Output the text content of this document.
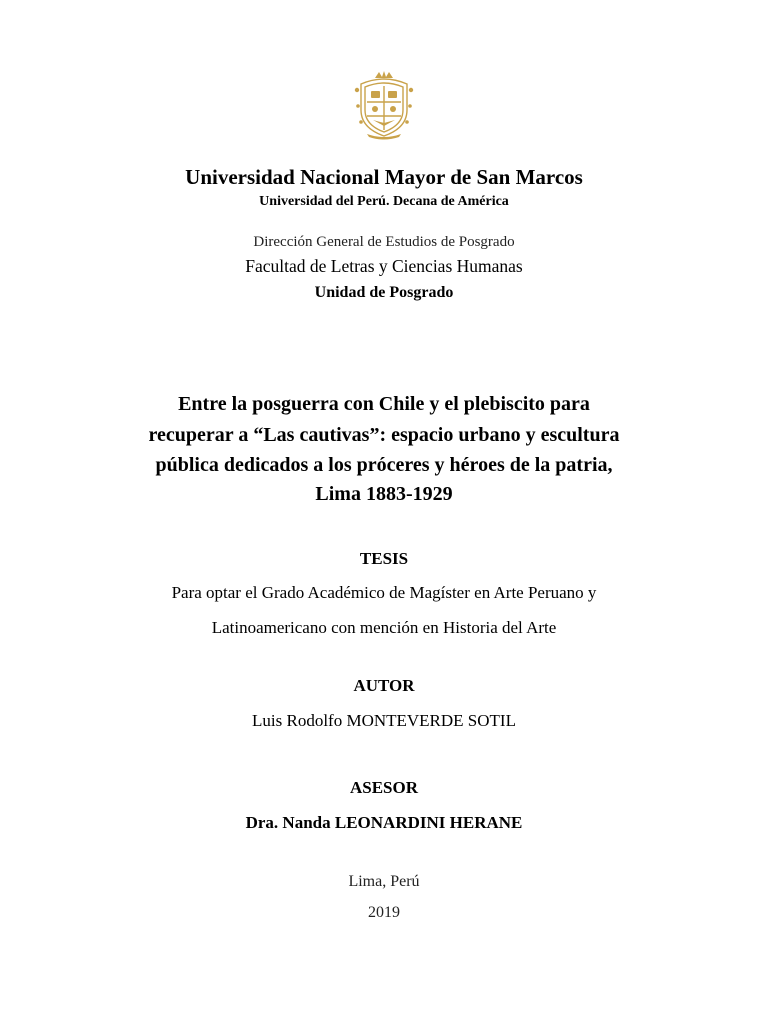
Universidad Nacional Mayor de San Marcos
Universidad del Perú. Decana de América
Dirección General de Estudios de Posgrado
Facultad de Letras y Ciencias Humanas
Unidad de Posgrado
Entre la posguerra con Chile y el plebiscito para
recuperar a “Las cautivas”: espacio urbano y escultura
pública dedicados a los próceres y héroes de la patria,
Lima 1883-1929
TESIS
Para optar el Grado Académico de Magíster en Arte Peruano y
Latinoamericano con mención en Historia del Arte
AUTOR
Luis Rodolfo MONTEVERDE SOTIL
ASESOR
Dra. Nanda LEONARDINI HERANE
Lima, Perú
2019
